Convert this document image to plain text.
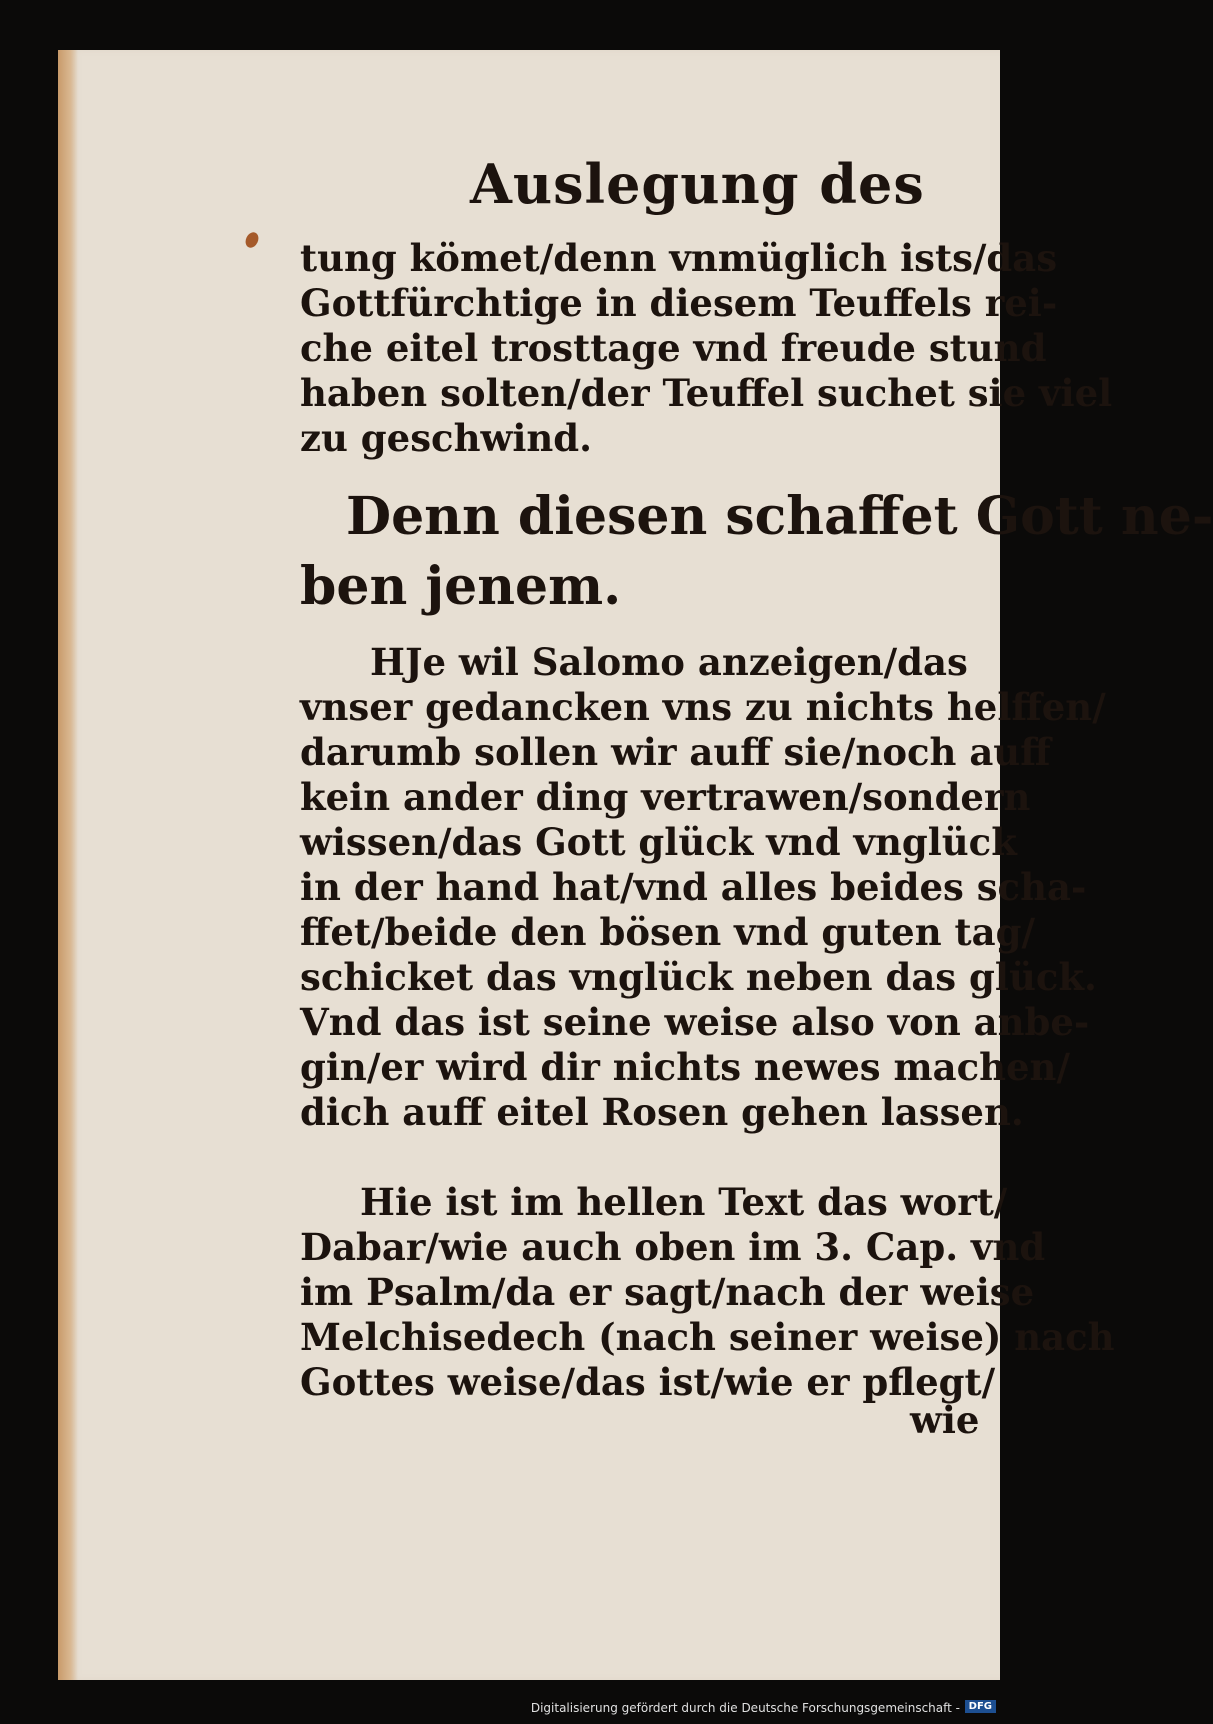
Auslegung des
tung kömet/denn vnmüglich ists/das
Gottfürchtige in diesem Teuffels rei-
che eitel trosttage vnd freude stund
haben solten/der Teuffel suchet sie viel
zu geschwind.
Denn diesen schaffet Gott ne-
ben jenem.
HJe wil Salomo anzeigen/das
vnser gedancken vns zu nichts helffen/
darumb sollen wir auff sie/noch auff
kein ander ding vertrawen/sondern
wissen/das Gott glück vnd vnglück
in der hand hat/vnd alles beides scha-
ffet/beide den bösen vnd guten tag/
schicket das vnglück neben das glück.
Vnd das ist seine weise also von anbe-
gin/er wird dir nichts newes machen/
dich auff eitel Rosen gehen lassen.
Hie ist im hellen Text das wort/
Dabar/wie auch oben im 3. Cap. vnd
im Psalm/da er sagt/nach der weise
Melchisedech (nach seiner weise) nach
Gottes weise/das ist/wie er pflegt/
wie
Digitalisierung gefördert durch die Deutsche Forschungsgemeinschaft - DFG
